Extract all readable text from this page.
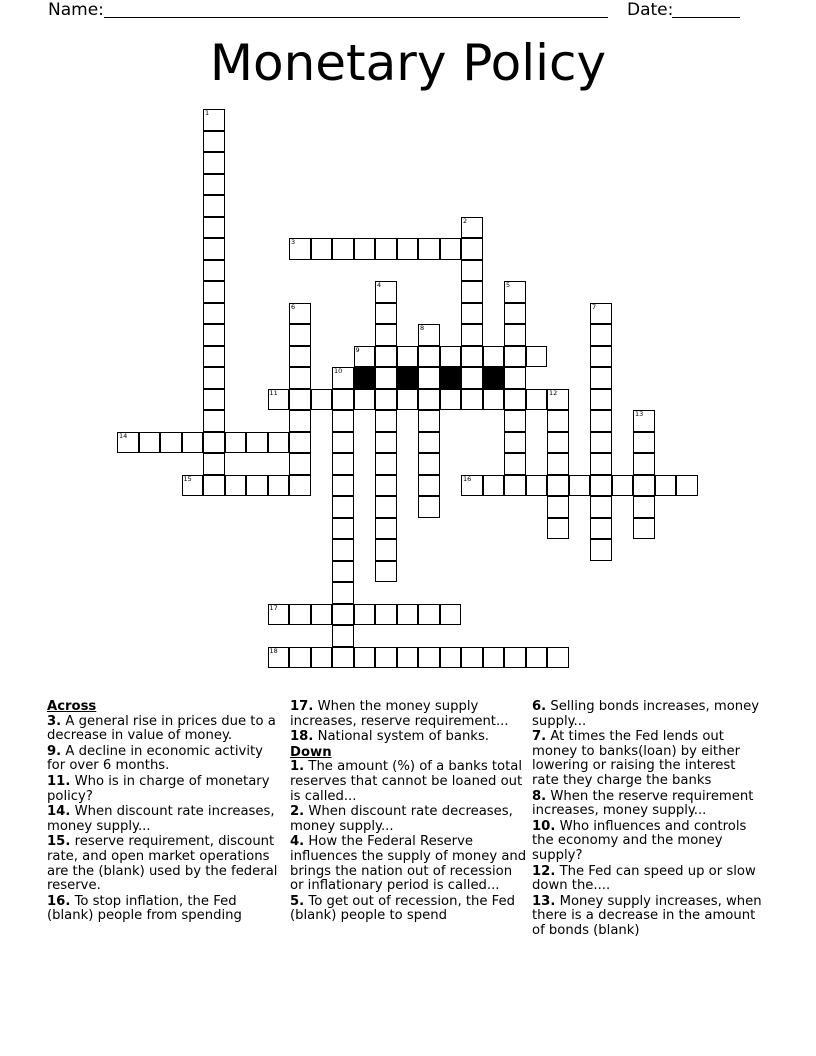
Name:	Date:
Monetary Policy
1
2
3
4	5
6	7
8
9
10
11	12
13
14
15	16
17
18
Across
3. A general rise in prices due to a decrease in value of money.
9. A decline in economic activity for over 6 months.
11. Who is in charge of monetary policy?
14. When discount rate increases, money supply...
15. reserve requirement, discount rate, and open market operations are the (blank) used by the federal reserve.
16. To stop inflation, the Fed (blank) people from spending
17. When the money supply increases, reserve requirement...
18. National system of banks.
Down
1. The amount (%) of a banks total reserves that cannot be loaned out is called...
2. When discount rate decreases, money supply...
4. How the Federal Reserve influences the supply of money and brings the nation out of recession or inflationary period is called...
5. To get out of recession, the Fed (blank) people to spend
6. Selling bonds increases, money supply...
7. At times the Fed lends out money to banks(loan) by either lowering or raising the interest rate they charge the banks
8. When the reserve requirement increases, money supply...
10. Who influences and controls the economy and the money supply?
12. The Fed can speed up or slow down the....
13. Money supply increases, when there is a decrease in the amount of bonds (blank)
